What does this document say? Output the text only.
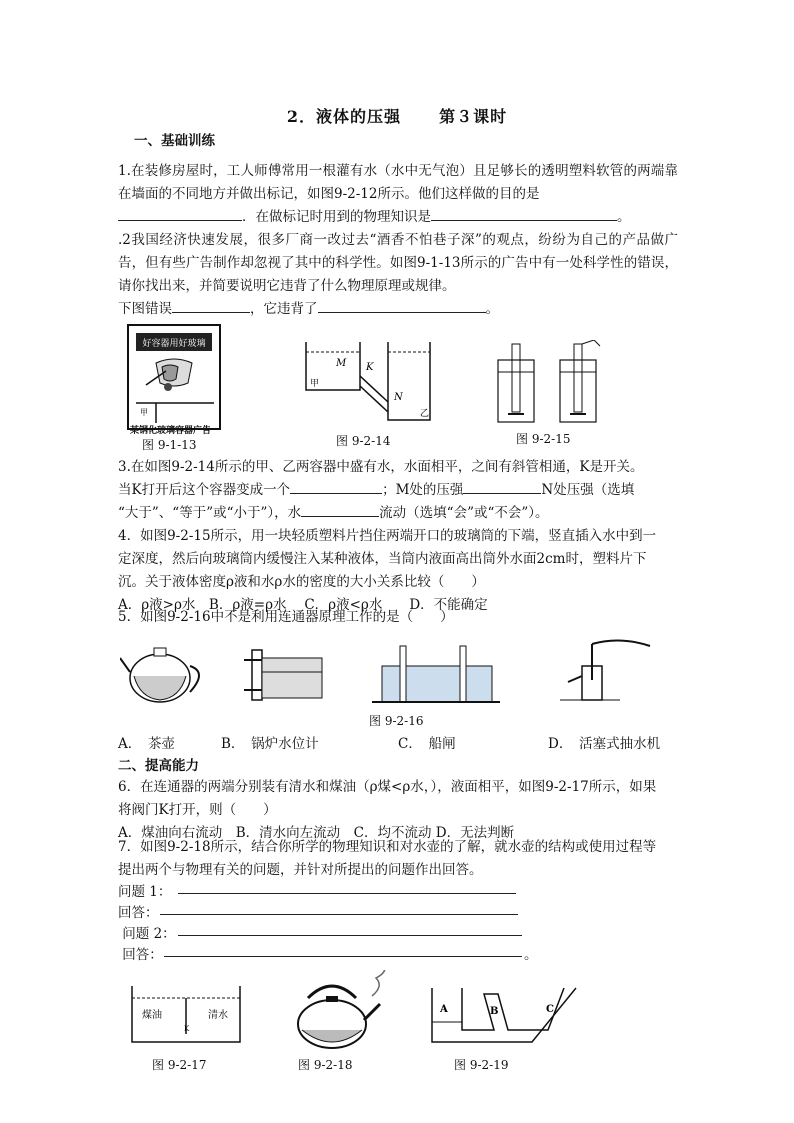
2．液体的压强 第３课时
一、基础训练
1.在装修房屋时，工人师傅常用一根灌有水（水中无气泡）且足够长的透明塑料软管的两端靠在墙面的不同地方并做出标记，如图9-2-12所示。他们这样做的目的是
．在做标记时用到的物理知识是	。
.2我国经济快速发展，很多厂商一改过去“酒香不怕巷子深”的观点，纷纷为自己的产品做广告，但有些广告制作却忽视了其中的科学性。如图9-1-13所示的广告中有一处科学性的错误，请你找出来，并简要说明它违背了什么物理原理或规律。
下图错误	，它违背了	。
好容器用好玻璃
甲
某钢化玻璃容器广告
图 9-1-13
M K
N
甲
乙
图 9-2-14	图 9-2-15
3.在如图9-2-14所示的甲、乙两容器中盛有水，水面相平，之间有斜管相通，K是开关。
当K打开后这个容器变成一个	；M处的压强	N处压强（选填
“大于”、“等于”或“小于”），水	流动（选填“会”或“不会”）。
4．如图9-2-15所示，用一块轻质塑料片挡住两端开口的玻璃筒的下端，竖直插入水中到一
定深度，然后向玻璃筒内缓慢注入某种液体，当筒内液面高出筒外水面2cm时，塑料片下
沉。关于液体密度ρ液和水ρ水的密度的大小关系比较（　　）
A．ρ液>ρ水　B．ρ液=ρ水　 C．ρ液<ρ水　　D．不能确定
5．如图9-2-16中不是利用连通器原理工作的是（　　）
图 9-2-16
A．　茶壶	B．　锅炉水位计	C．　船闸	D．　活塞式抽水机
二、提高能力
6．在连通器的两端分别装有清水和煤油（ρ煤<ρ水，），液面相平，如图9-2-17所示，如果
将阀门K打开，则（　　）
A．煤油向右流动　B．清水向左流动　C．均不流动 D．无法判断
7．如图9-2-18所示，结合你所学的物理知识和对水壶的了解，就水壶的结构或使用过程等
提出两个与物理有关的问题，并针对所提出的问题作出回答。
问题 1：
回答：
问题 2：
回答：	。
煤油	清水
K
图 9-2-17	图 9-2-18
A	B	C
图 9-2-19
